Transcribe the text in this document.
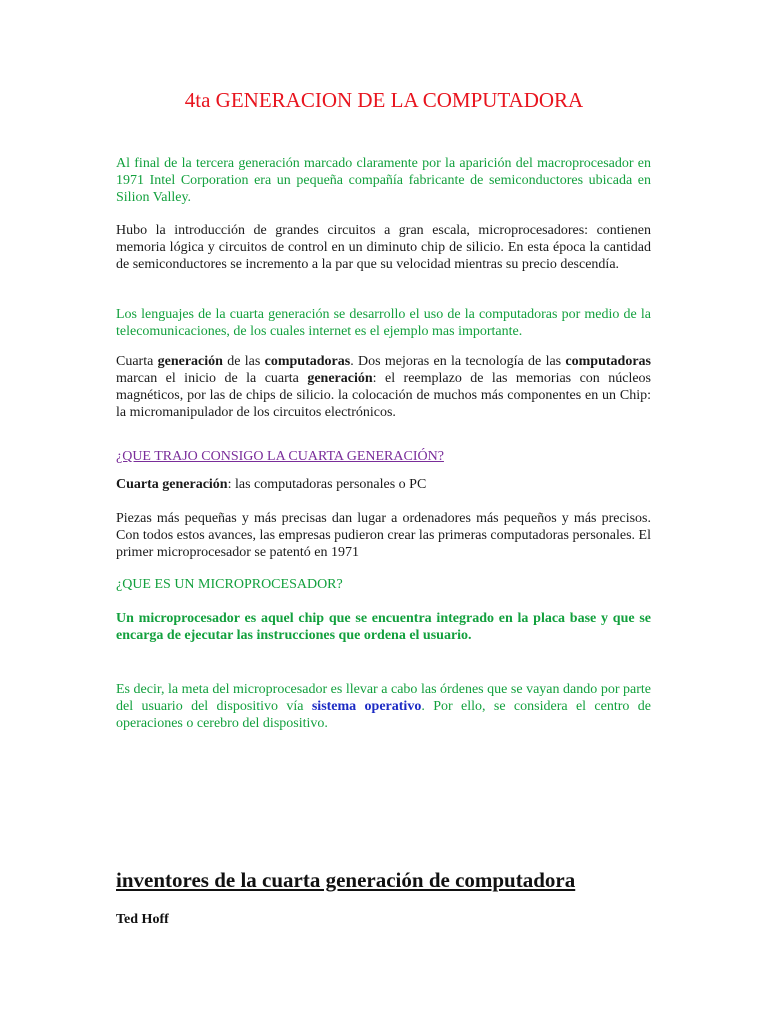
4ta GENERACION DE LA COMPUTADORA

Al final de la tercera generación marcado claramente por la aparición del macroprocesador en 1971 Intel Corporation era un pequeña compañía fabricante de semiconductores ubicada en Silion Valley.

Hubo la introducción de grandes circuitos a gran escala, microprocesadores: contienen memoria lógica y circuitos de control en un diminuto chip de silicio. En esta época la cantidad de semiconductores se incremento a la par que su velocidad mientras su precio descendía.

Los lenguajes de la cuarta generación se desarrollo el uso de la computadoras por medio de la telecomunicaciones, de los cuales internet es el ejemplo mas importante.

Cuarta generación de las computadoras. Dos mejoras en la tecnología de las computadoras marcan el inicio de la cuarta generación: el reemplazo de las memorias con núcleos magnéticos, por las de chips de silicio. la colocación de muchos más componentes en un Chip: la micromanipulador de los circuitos electrónicos.

¿QUE TRAJO CONSIGO LA CUARTA GENERACIÓN?

Cuarta generación: las computadoras personales o PC

Piezas más pequeñas y más precisas dan lugar a ordenadores más pequeños y más precisos. Con todos estos avances, las empresas pudieron crear las primeras computadoras personales. El primer microprocesador se patentó en 1971

¿QUE ES UN MICROPROCESADOR?

Un microprocesador es aquel chip que se encuentra integrado en la placa base y que se encarga de ejecutar las instrucciones que ordena el usuario.

Es decir, la meta del microprocesador es llevar a cabo las órdenes que se vayan dando por parte del usuario del dispositivo vía sistema operativo. Por ello, se considera el centro de operaciones o cerebro del dispositivo.

inventores de la cuarta generación de computadora

Ted Hoff
